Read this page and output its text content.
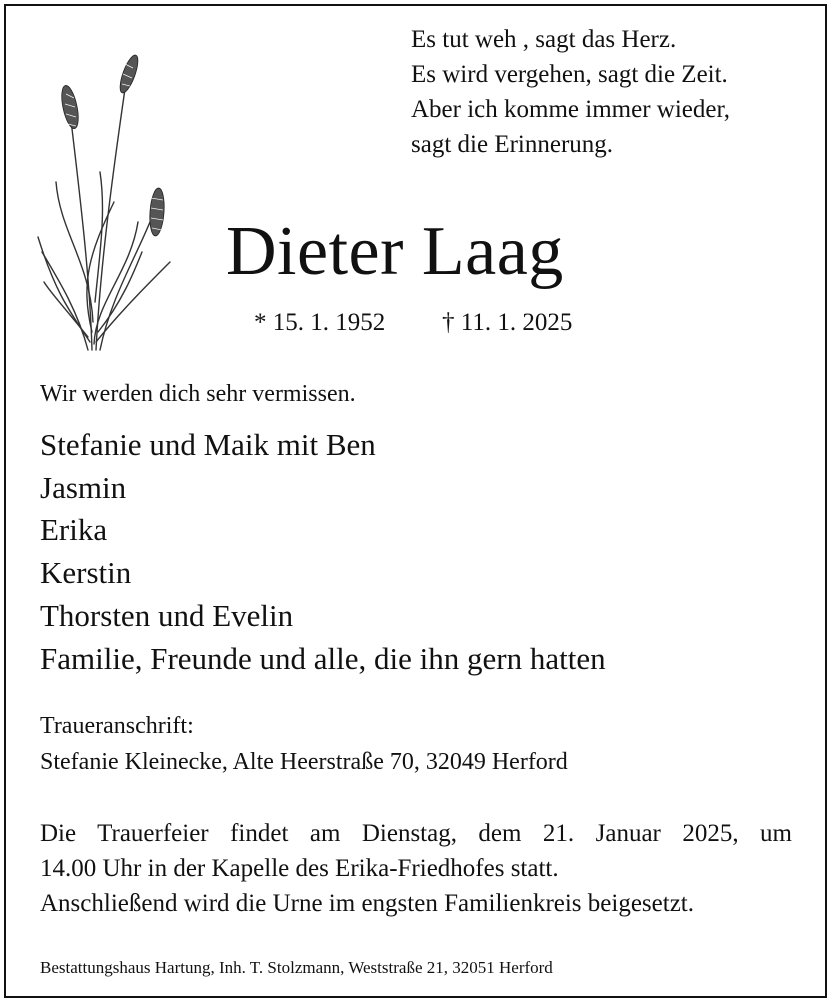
Es tut weh , sagt das Herz.
Es wird vergehen, sagt die Zeit.
Aber ich komme immer wieder,
sagt die Erinnerung.
Dieter Laag
* 15. 1. 1952 † 11. 1. 2025
Wir werden dich sehr vermissen.
Stefanie und Maik mit Ben
Jasmin
Erika
Kerstin
Thorsten und Evelin
Familie, Freunde und alle, die ihn gern hatten
Traueranschrift:
Stefanie Kleinecke, Alte Heerstraße 70, 32049 Herford
Die Trauerfeier findet am Dienstag, dem 21. Januar 2025, um
14.00 Uhr in der Kapelle des Erika-Friedhofes statt.
Anschließend wird die Urne im engsten Familienkreis beigesetzt.
Bestattungshaus Hartung, Inh. T. Stolzmann, Weststraße 21, 32051 Herford
